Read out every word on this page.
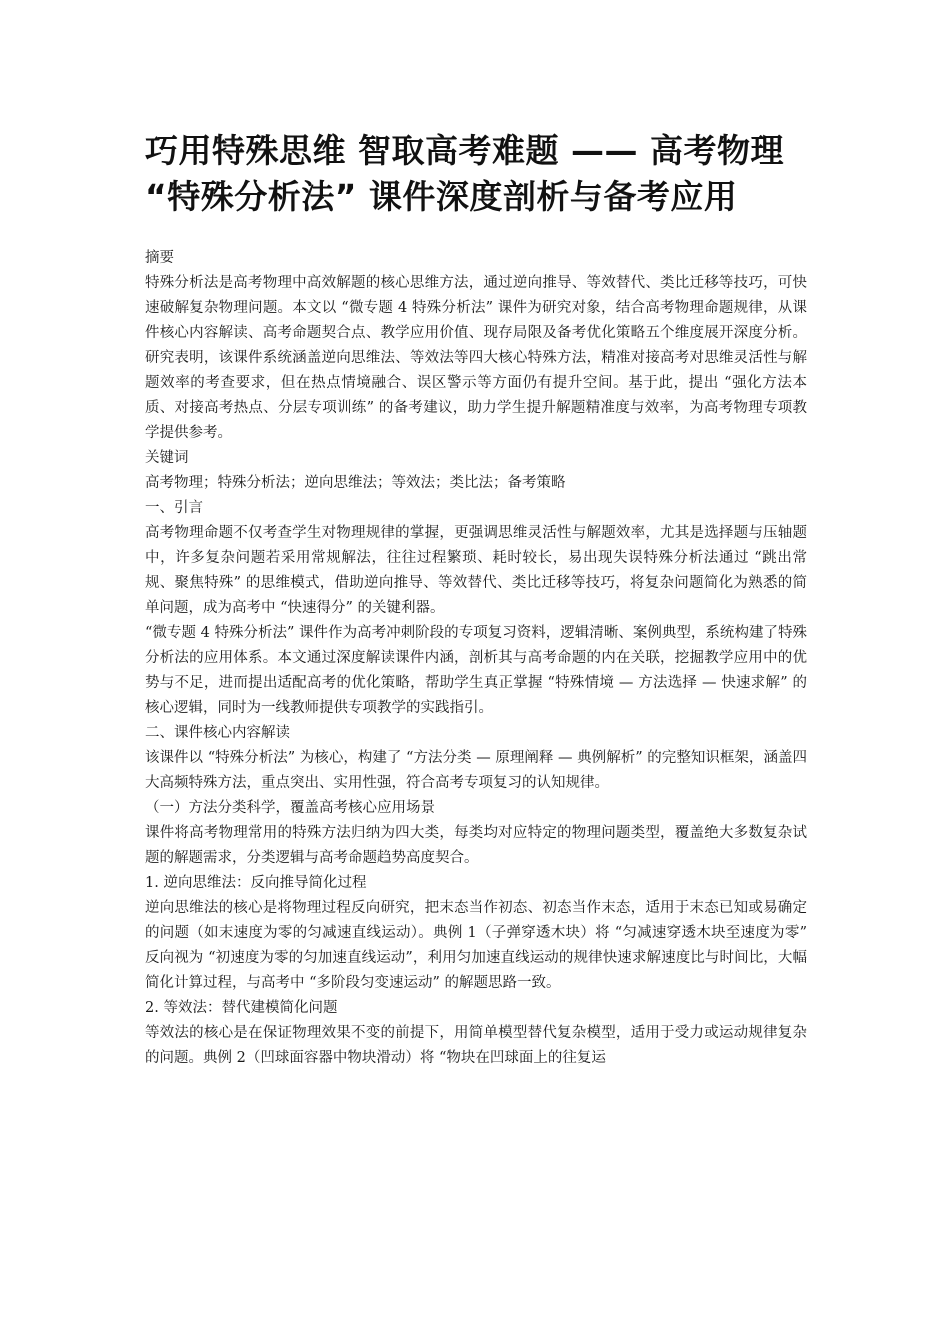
巧用特殊思维 智取高考难题 —— 高考物理 “特殊分析法” 课件深度剖析与备考应用

摘要

特殊分析法是高考物理中高效解题的核心思维方法，通过逆向推导、等效替代、类比迁移等技巧，可快速破解复杂物理问题。本文以 “微专题 4 特殊分析法” 课件为研究对象，结合高考物理命题规律，从课件核心内容解读、高考命题契合点、教学应用价值、现存局限及备考优化策略五个维度展开深度分析。研究表明，该课件系统涵盖逆向思维法、等效法等四大核心特殊方法，精准对接高考对思维灵活性与解题效率的考查要求，但在热点情境融合、误区警示等方面仍有提升空间。基于此，提出 “强化方法本质、对接高考热点、分层专项训练” 的备考建议，助力学生提升解题精准度与效率，为高考物理专项教学提供参考。

关键词

高考物理；特殊分析法；逆向思维法；等效法；类比法；备考策略

一、引言

高考物理命题不仅考查学生对物理规律的掌握，更强调思维灵活性与解题效率，尤其是选择题与压轴题中，许多复杂问题若采用常规解法，往往过程繁琐、耗时较长，易出现失误特殊分析法通过 “跳出常规、聚焦特殊” 的思维模式，借助逆向推导、等效替代、类比迁移等技巧，将复杂问题简化为熟悉的简单问题，成为高考中 “快速得分” 的关键利器。

“微专题 4 特殊分析法” 课件作为高考冲刺阶段的专项复习资料，逻辑清晰、案例典型，系统构建了特殊分析法的应用体系。本文通过深度解读课件内涵，剖析其与高考命题的内在关联，挖掘教学应用中的优势与不足，进而提出适配高考的优化策略，帮助学生真正掌握 “特殊情境 — 方法选择 — 快速求解” 的核心逻辑，同时为一线教师提供专项教学的实践指引。

二、课件核心内容解读

该课件以 “特殊分析法” 为核心，构建了 “方法分类 — 原理阐释 — 典例解析” 的完整知识框架，涵盖四大高频特殊方法，重点突出、实用性强，符合高考专项复习的认知规律。

（一）方法分类科学，覆盖高考核心应用场景

课件将高考物理常用的特殊方法归纳为四大类，每类均对应特定的物理问题类型，覆盖绝大多数复杂试题的解题需求，分类逻辑与高考命题趋势高度契合。

1. 逆向思维法：反向推导简化过程

逆向思维法的核心是将物理过程反向研究，把末态当作初态、初态当作末态，适用于末态已知或易确定的问题（如末速度为零的匀减速直线运动）。典例 1（子弹穿透木块）将 “匀减速穿透木块至速度为零” 反向视为 “初速度为零的匀加速直线运动”，利用匀加速直线运动的规律快速求解速度比与时间比，大幅简化计算过程，与高考中 “多阶段匀变速运动” 的解题思路一致。

2. 等效法：替代建模简化问题

等效法的核心是在保证物理效果不变的前提下，用简单模型替代复杂模型，适用于受力或运动规律复杂的问题。典例 2（凹球面容器中物块滑动）将 “物块在凹球面上的往复运
